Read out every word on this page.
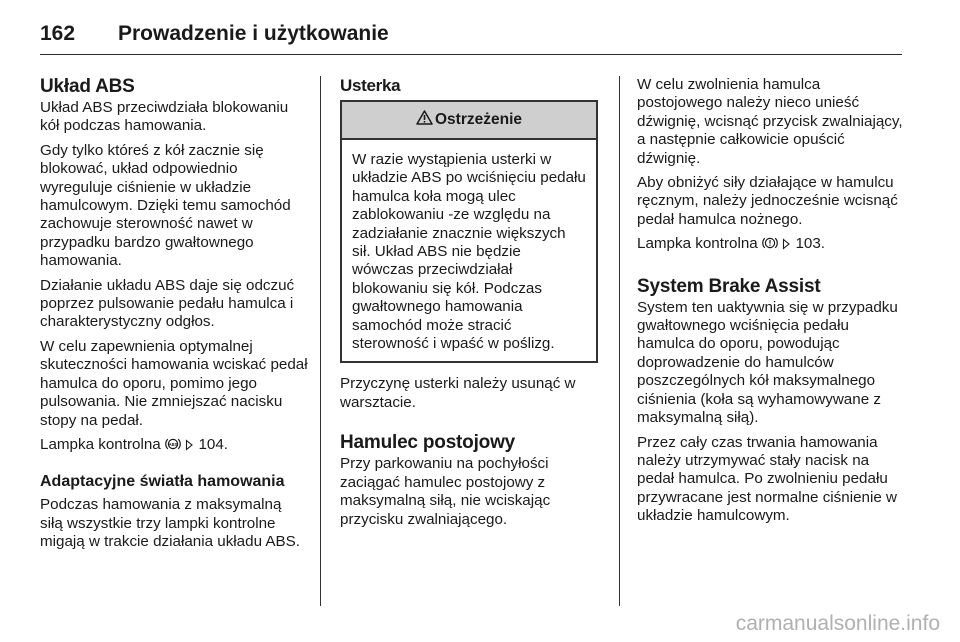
162	Prowadzenie i użytkowanie
Układ ABS

Układ ABS przeciwdziała blokowaniu kół podczas hamowania.

Gdy tylko któreś z kół zacznie się blokować, układ odpowiednio wyreguluje ciśnienie w układzie hamulcowym. Dzięki temu samochód zachowuje sterowność nawet w przypadku bardzo gwałtownego hamowania.

Działanie układu ABS daje się odczuć poprzez pulsowanie pedału hamulca i charakterystyczny odgłos.

W celu zapewnienia optymalnej skuteczności hamowania wciskać pedał hamulca do oporu, pomimo jego pulsowania. Nie zmniejszać nacisku stopy na pedał.

Lampka kontrolna ABS 104.

Adaptacyjne światła hamowania

Podczas hamowania z maksymalną siłą wszystkie trzy lampki kontrolne migają w trakcie działania układu ABS.

Usterka
Ostrzeżenie

W razie wystąpienia usterki w układzie ABS po wciśnięciu pedału hamulca koła mogą ulec zablokowaniu -ze względu na zadziałanie znacznie większych sił. Układ ABS nie będzie wówczas przeciwdziałał blokowaniu się kół. Podczas gwałtownego hamowania samochód może stracić sterowność i wpaść w poślizg.

Przyczynę usterki należy usunąć w warsztacie.

Hamulec postojowy

Przy parkowaniu na pochyłości zaciągać hamulec postojowy z maksymalną siłą, nie wciskając przycisku zwalniającego.

W celu zwolnienia hamulca postojowego należy nieco unieść dźwignię, wcisnąć przycisk zwalniający, a następnie całkowicie opuścić dźwignię.

Aby obniżyć siły działające w hamulcu ręcznym, należy jednocześnie wcisnąć pedał hamulca nożnego.

Lampka kontrolna 103.

System Brake Assist

System ten uaktywnia się w przypadku gwałtownego wciśnięcia pedału hamulca do oporu, powodując doprowadzenie do hamulców poszczególnych kół maksymalnego ciśnienia (koła są wyhamowywane z maksymalną siłą).

Przez cały czas trwania hamowania należy utrzymywać stały nacisk na pedał hamulca. Po zwolnieniu pedału przywracane jest normalne ciśnienie w układzie hamulcowym.

carmanualsonline.info
